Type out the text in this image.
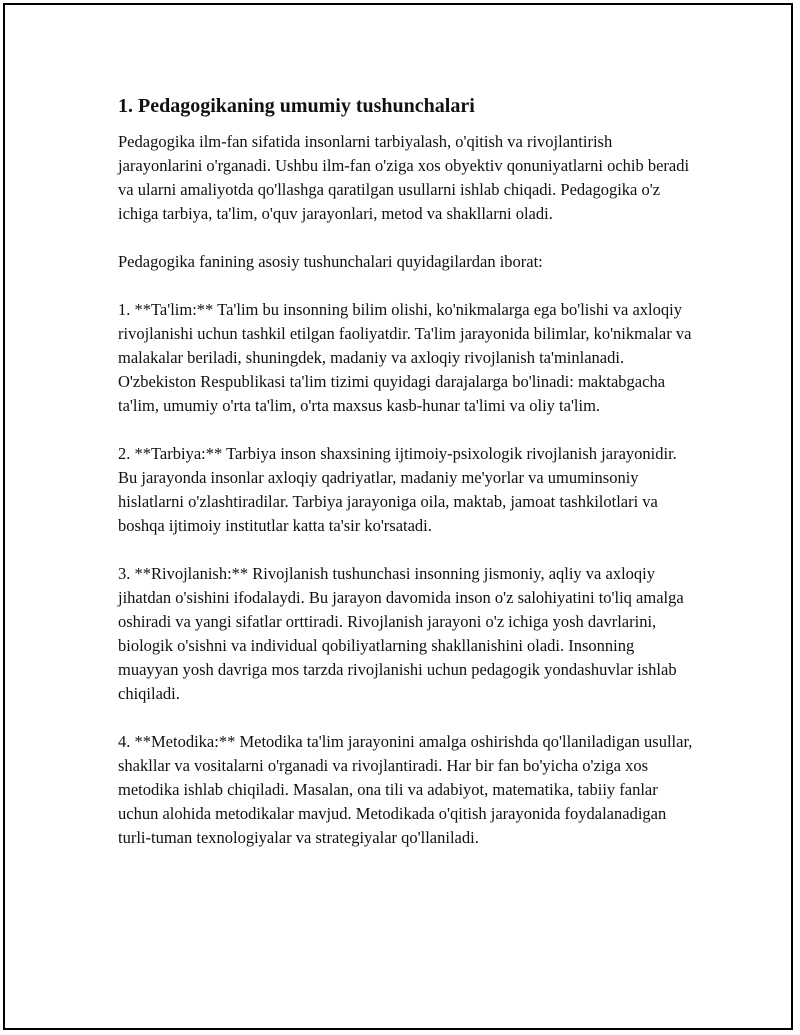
1. Pedagogikaning umumiy tushunchalari

Pedagogika ilm-fan sifatida insonlarni tarbiyalash, o'qitish va rivojlantirish jarayonlarini o'rganadi. Ushbu ilm-fan o'ziga xos obyektiv qonuniyatlarni ochib beradi va ularni amaliyotda qo'llashga qaratilgan usullarni ishlab chiqadi. Pedagogika o'z ichiga tarbiya, ta'lim, o'quv jarayonlari, metod va shakllarni oladi.

Pedagogika fanining asosiy tushunchalari quyidagilardan iborat:

1. **Ta'lim:** Ta'lim bu insonning bilim olishi, ko'nikmalarga ega bo'lishi va axloqiy rivojlanishi uchun tashkil etilgan faoliyatdir. Ta'lim jarayonida bilimlar, ko'nikmalar va malakalar beriladi, shuningdek, madaniy va axloqiy rivojlanish ta'minlanadi. O'zbekiston Respublikasi ta'lim tizimi quyidagi darajalarga bo'linadi: maktabgacha ta'lim, umumiy o'rta ta'lim, o'rta maxsus kasb-hunar ta'limi va oliy ta'lim.

2. **Tarbiya:** Tarbiya inson shaxsining ijtimoiy-psixologik rivojlanish jarayonidir. Bu jarayonda insonlar axloqiy qadriyatlar, madaniy me'yorlar va umuminsoniy hislatlarni o'zlashtiradilar. Tarbiya jarayoniga oila, maktab, jamoat tashkilotlari va boshqa ijtimoiy institutlar katta ta'sir ko'rsatadi.

3. **Rivojlanish:** Rivojlanish tushunchasi insonning jismoniy, aqliy va axloqiy jihatdan o'sishini ifodalaydi. Bu jarayon davomida inson o'z salohiyatini to'liq amalga oshiradi va yangi sifatlar orttiradi. Rivojlanish jarayoni o'z ichiga yosh davrlarini, biologik o'sishni va individual qobiliyatlarning shakllanishini oladi. Insonning muayyan yosh davriga mos tarzda rivojlanishi uchun pedagogik yondashuvlar ishlab chiqiladi.

4. **Metodika:** Metodika ta'lim jarayonini amalga oshirishda qo'llaniladigan usullar, shakllar va vositalarni o'rganadi va rivojlantiradi. Har bir fan bo'yicha o'ziga xos metodika ishlab chiqiladi. Masalan, ona tili va adabiyot, matematika, tabiiy fanlar uchun alohida metodikalar mavjud. Metodikada o'qitish jarayonida foydalanadigan turli-tuman texnologiyalar va strategiyalar qo'llaniladi.
